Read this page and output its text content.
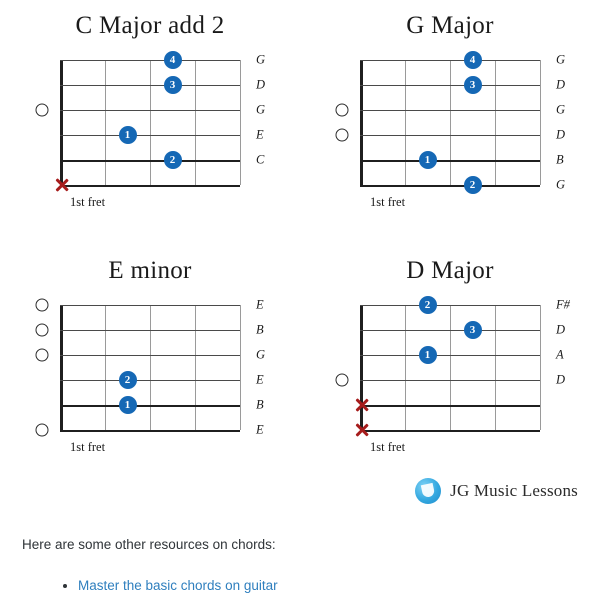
C Major add 2
G
D
G
E
C
4
3
1
2
1st fret
G Major
G
D
G
D
B
G
4
3
1
2
1st fret
E minor
E
B
G
E
B
E
2
1
1st fret
D Major
F#
D
A
D
2
3
1
1st fret
JG Music Lessons
Here are some other resources on chords:
• Master the basic chords on guitar
